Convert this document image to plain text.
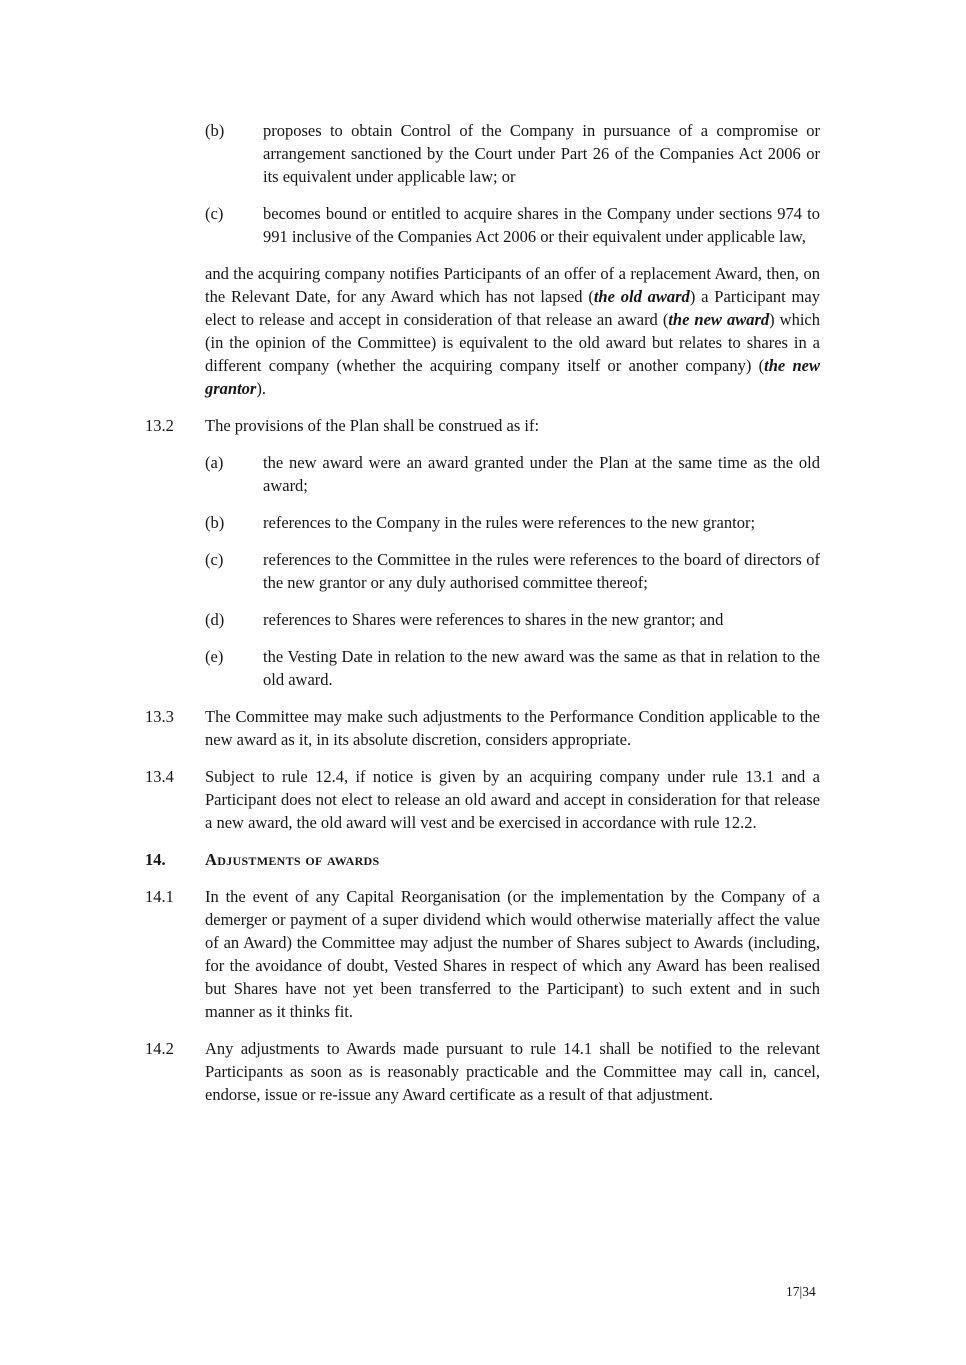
(b)	proposes to obtain Control of the Company in pursuance of a compromise or arrangement sanctioned by the Court under Part 26 of the Companies Act 2006 or its equivalent under applicable law; or
(c)	becomes bound or entitled to acquire shares in the Company under sections 974 to 991 inclusive of the Companies Act 2006 or their equivalent under applicable law,
and the acquiring company notifies Participants of an offer of a replacement Award, then, on the Relevant Date, for any Award which has not lapsed (the old award) a Participant may elect to release and accept in consideration of that release an award (the new award) which (in the opinion of the Committee) is equivalent to the old award but relates to shares in a different company (whether the acquiring company itself or another company) (the new grantor).
13.2	The provisions of the Plan shall be construed as if:
(a)	the new award were an award granted under the Plan at the same time as the old award;
(b)	references to the Company in the rules were references to the new grantor;
(c)	references to the Committee in the rules were references to the board of directors of the new grantor or any duly authorised committee thereof;
(d)	references to Shares were references to shares in the new grantor; and
(e)	the Vesting Date in relation to the new award was the same as that in relation to the old award.
13.3	The Committee may make such adjustments to the Performance Condition applicable to the new award as it, in its absolute discretion, considers appropriate.
13.4	Subject to rule 12.4, if notice is given by an acquiring company under rule 13.1 and a Participant does not elect to release an old award and accept in consideration for that release a new award, the old award will vest and be exercised in accordance with rule 12.2.
14.	Adjustments of awards
14.1	In the event of any Capital Reorganisation (or the implementation by the Company of a demerger or payment of a super dividend which would otherwise materially affect the value of an Award) the Committee may adjust the number of Shares subject to Awards (including, for the avoidance of doubt, Vested Shares in respect of which any Award has been realised but Shares have not yet been transferred to the Participant) to such extent and in such manner as it thinks fit.
14.2	Any adjustments to Awards made pursuant to rule 14.1 shall be notified to the relevant Participants as soon as is reasonably practicable and the Committee may call in, cancel, endorse, issue or re-issue any Award certificate as a result of that adjustment.
17|34
